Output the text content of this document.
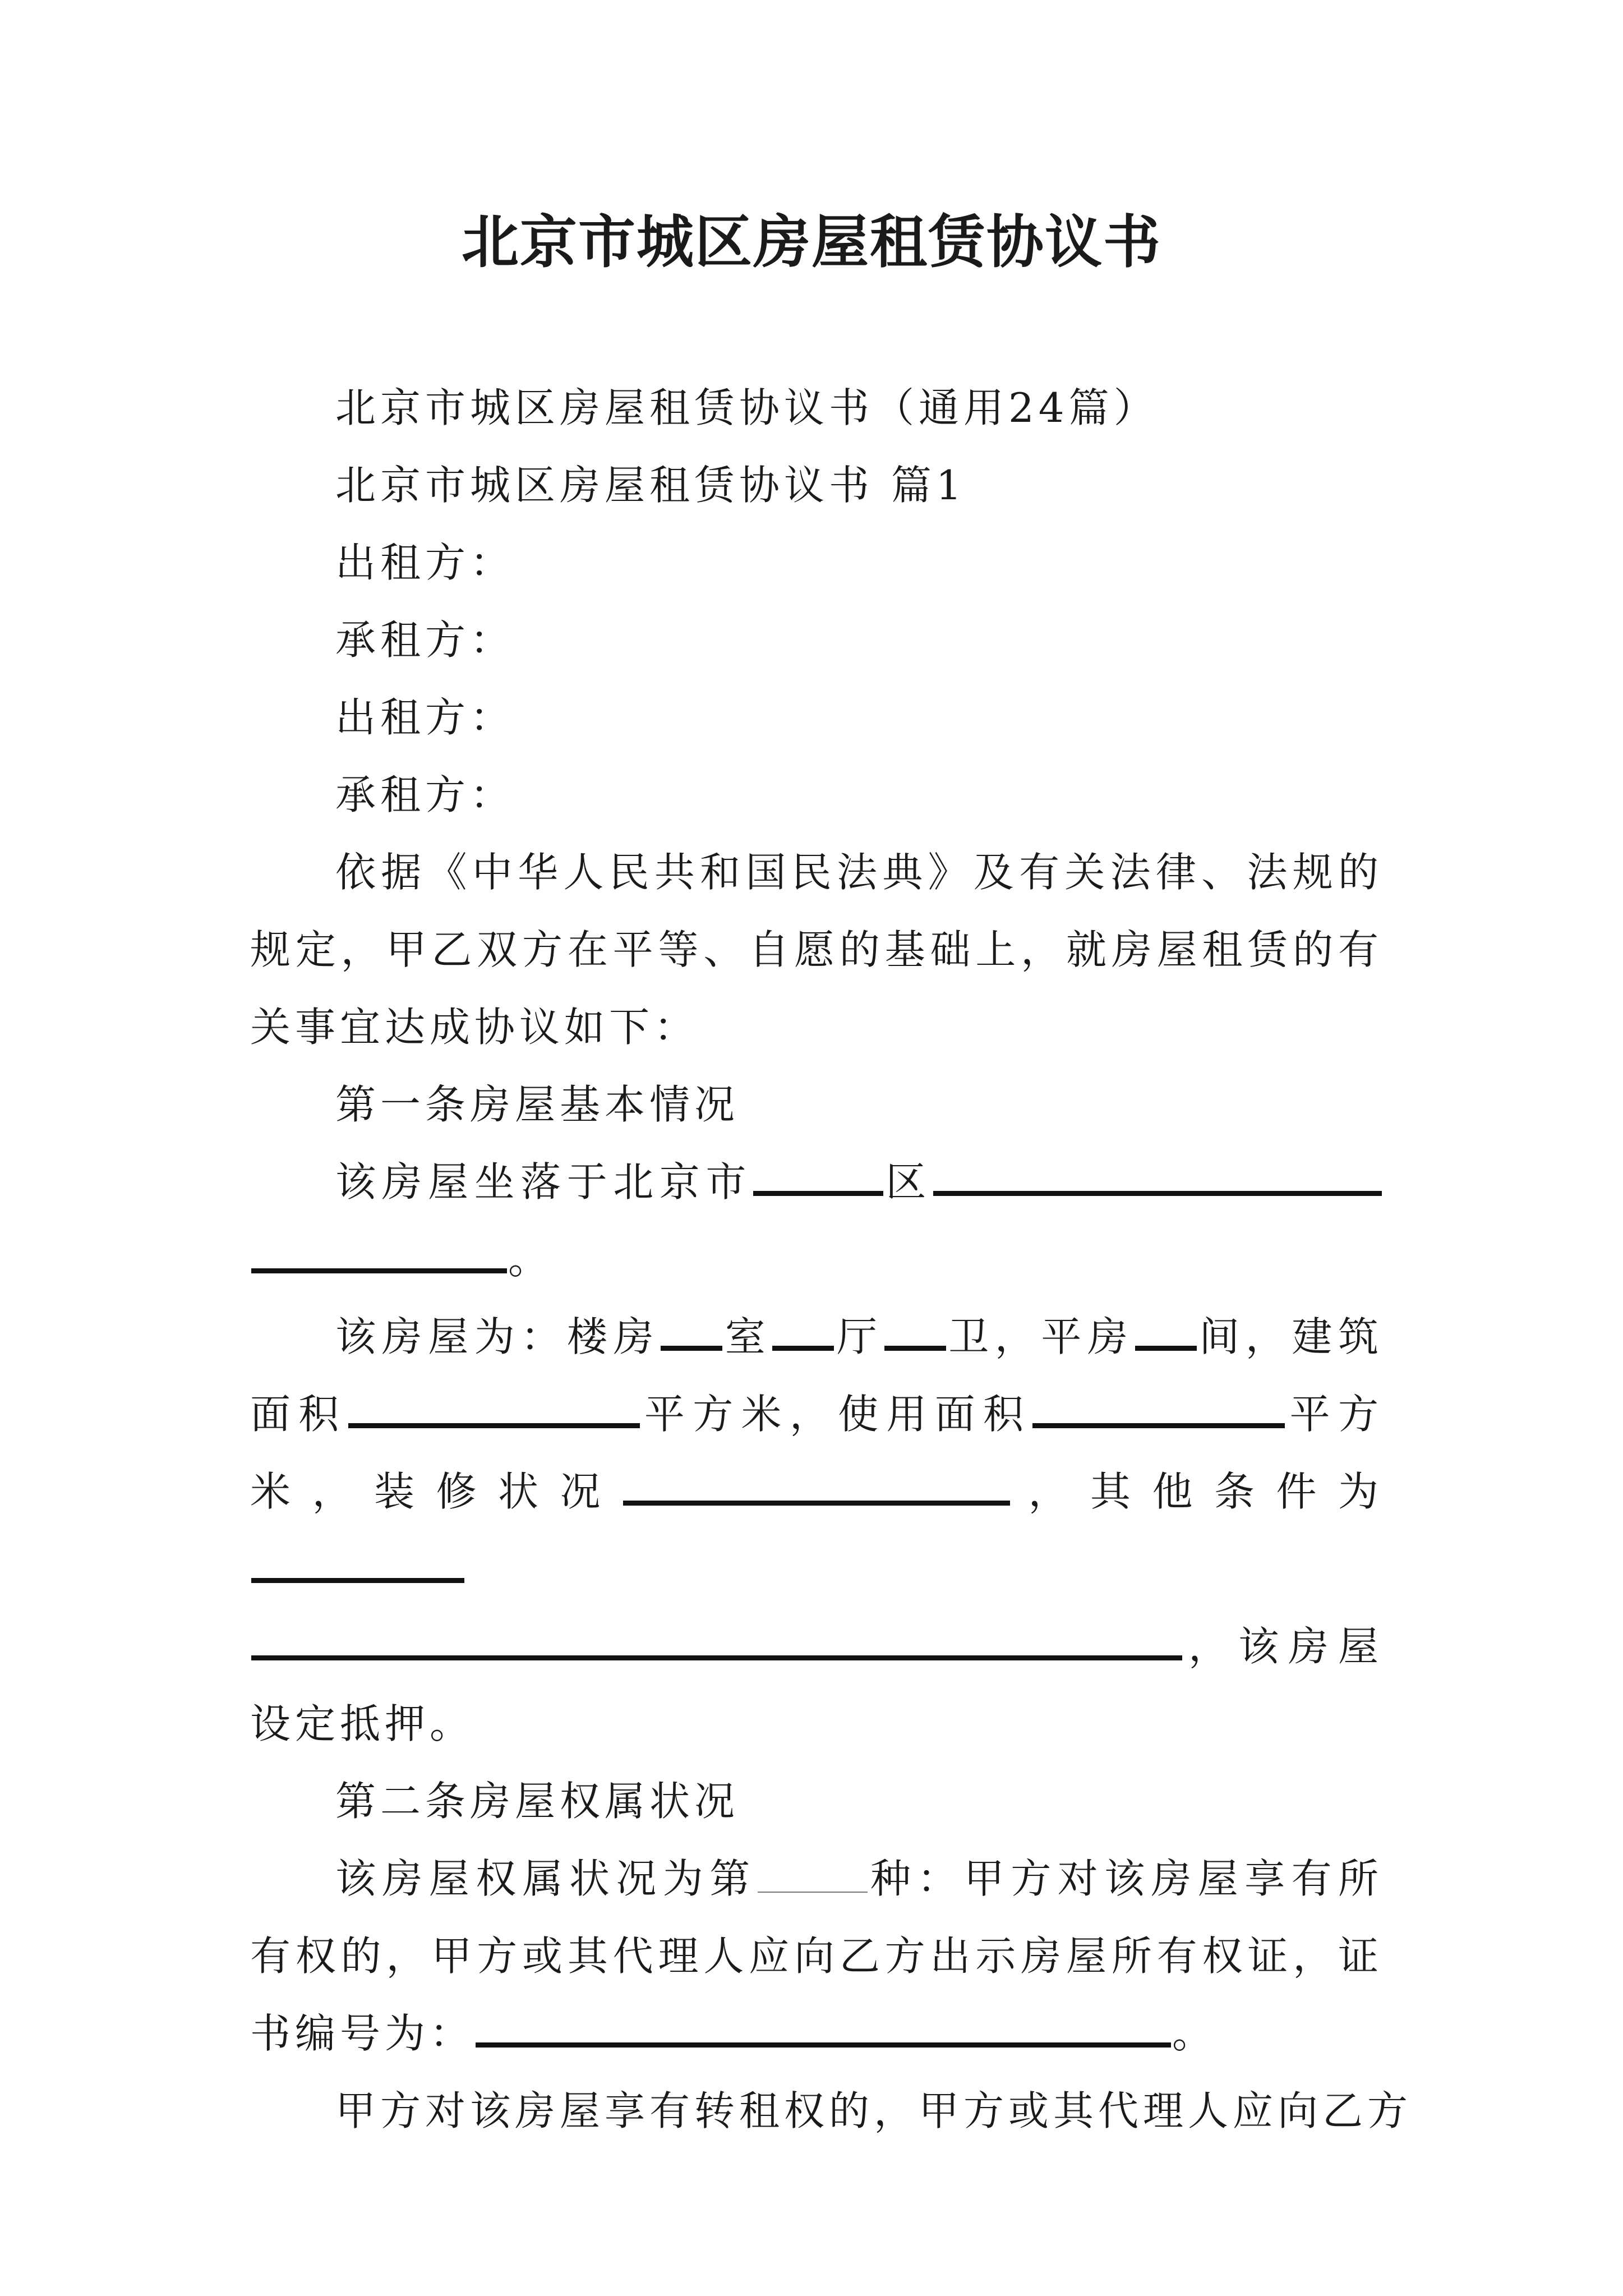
北京市城区房屋租赁协议书

北京市城区房屋租赁协议书（通用24篇）

北京市城区房屋租赁协议书 篇1

出租方：

承租方：

出租方：

承租方：

依据《中华人民共和国民法典》及有关法律、法规的规定，甲乙双方在平等、自愿的基础上，就房屋租赁的有关事宜达成协议如下：

第一条房屋基本情况

该房屋坐落于北京市	区。

该房屋为：楼房 室 厅 卫，平房 间，建筑面积	平方米，使用面积	平方米，装修状况	，其他条件为，该房屋设定抵押。

第二条房屋权属状况

该房屋权属状况为第	种：甲方对该房屋享有所有权的，甲方或其代理人应向乙方出示房屋所有权证，证书编号为：	。

甲方对该房屋享有转租权的，甲方或其代理人应向乙方
